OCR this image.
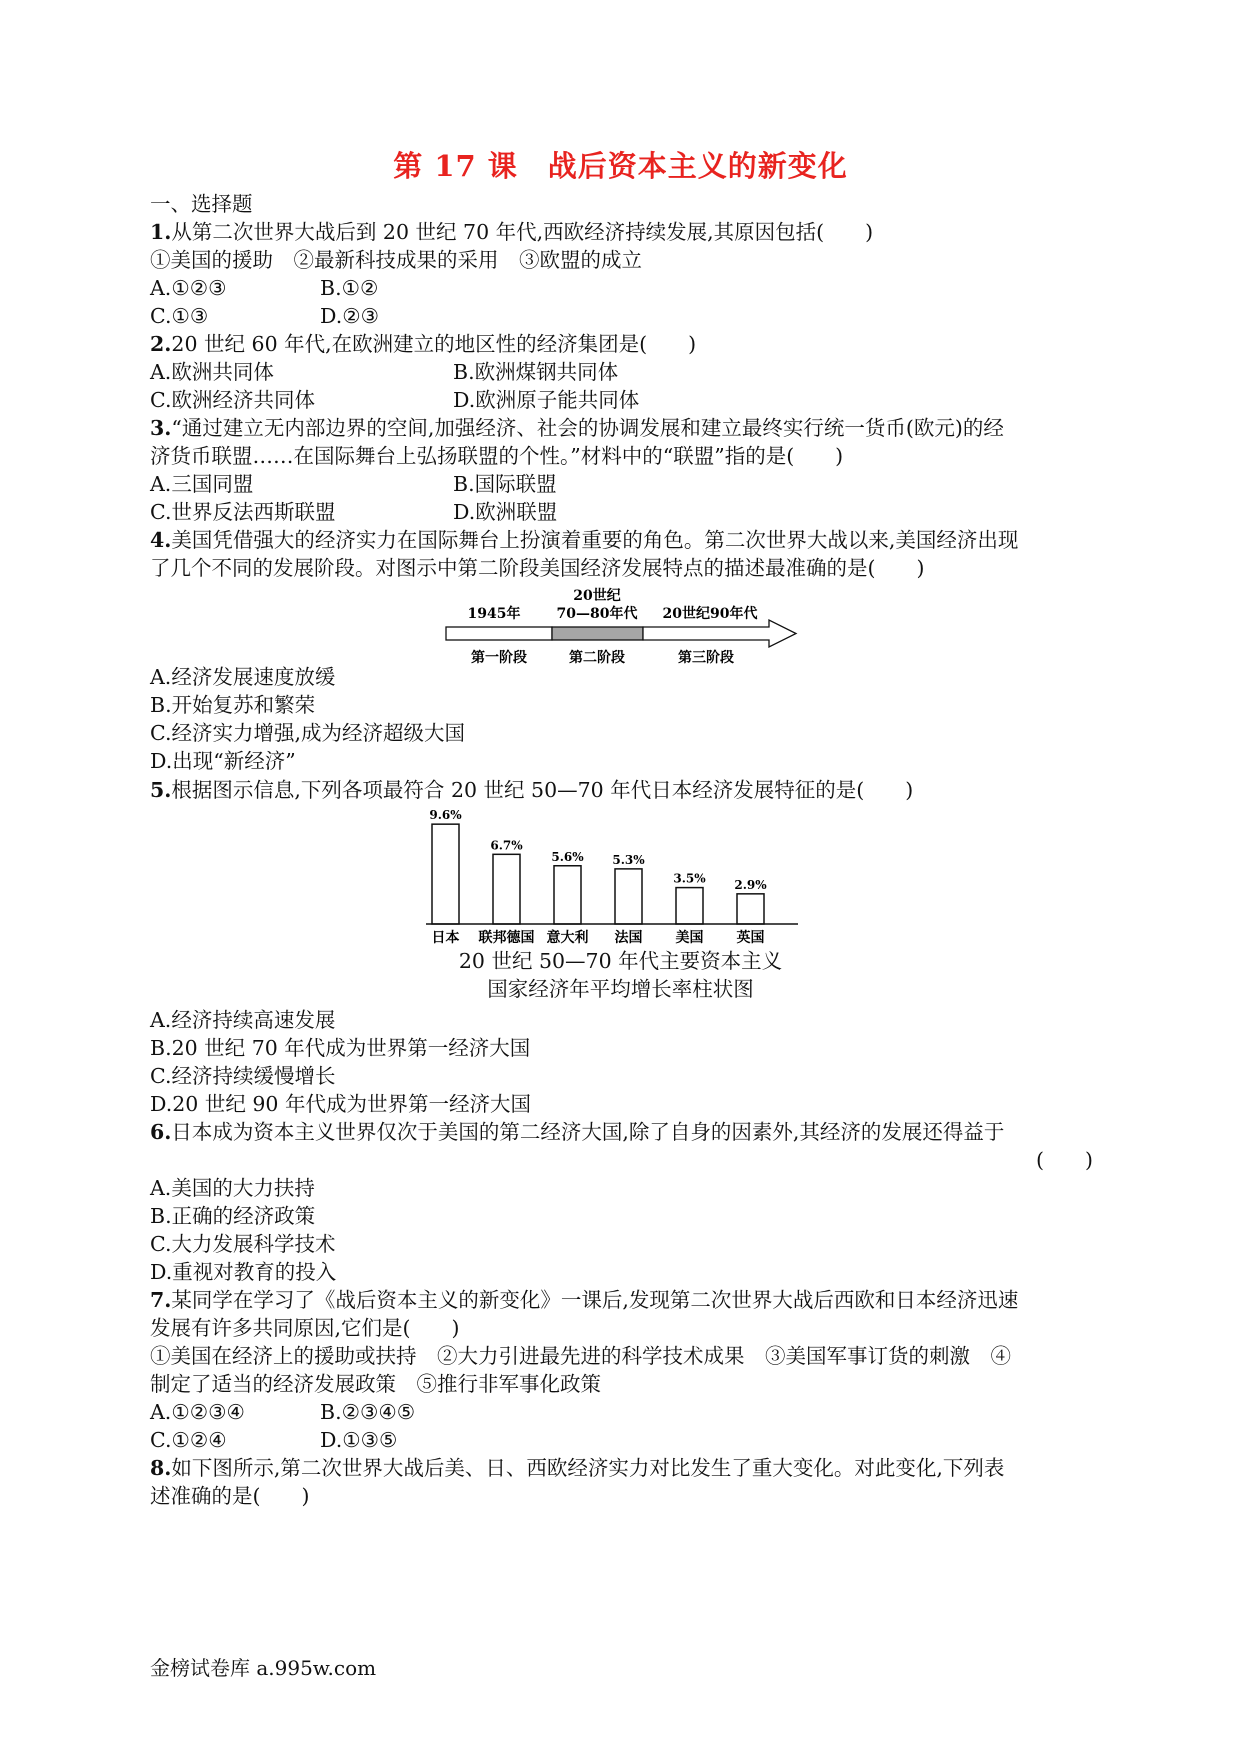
第 17 课　战后资本主义的新变化
一、选择题
1.从第二次世界大战后到 20 世纪 70 年代,西欧经济持续发展,其原因包括(　　)
①美国的援助　②最新科技成果的采用　③欧盟的成立
A.①②③	B.①②
C.①③	D.②③
2.20 世纪 60 年代,在欧洲建立的地区性的经济集团是(　　)
A.欧洲共同体	B.欧洲煤钢共同体
C.欧洲经济共同体	D.欧洲原子能共同体
3.“通过建立无内部边界的空间,加强经济、社会的协调发展和建立最终实行统一货币(欧元)的经
济货币联盟……在国际舞台上弘扬联盟的个性。”材料中的“联盟”指的是(　　)
A.三国同盟	B.国际联盟
C.世界反法西斯联盟	D.欧洲联盟
4.美国凭借强大的经济实力在国际舞台上扮演着重要的角色。第二次世界大战以来,美国经济出现
了几个不同的发展阶段。对图示中第二阶段美国经济发展特点的描述最准确的是(　　)
1945年
20世纪
70—80年代 20世纪90年代
第一阶段	第二阶段	第三阶段
A.经济发展速度放缓
B.开始复苏和繁荣
C.经济实力增强,成为经济超级大国
D.出现“新经济”
5.根据图示信息,下列各项最符合 20 世纪 50—70 年代日本经济发展特征的是(　　)
9.6%
日本
6.7%
联邦德国
5.6%
意大利
5.3%
法国
3.5%
美国
2.9%
英国
20 世纪 50—70 年代主要资本主义
国家经济年平均增长率柱状图
A.经济持续高速发展
B.20 世纪 70 年代成为世界第一经济大国
C.经济持续缓慢增长
D.20 世纪 90 年代成为世界第一经济大国
6.日本成为资本主义世界仅次于美国的第二经济大国,除了自身的因素外,其经济的发展还得益于
(　　)
A.美国的大力扶持
B.正确的经济政策
C.大力发展科学技术
D.重视对教育的投入
7.某同学在学习了《战后资本主义的新变化》一课后,发现第二次世界大战后西欧和日本经济迅速
发展有许多共同原因,它们是(　　)
①美国在经济上的援助或扶持　②大力引进最先进的科学技术成果　③美国军事订货的刺激　④
制定了适当的经济发展政策　⑤推行非军事化政策
A.①②③④	B.②③④⑤
C.①②④	D.①③⑤
8.如下图所示,第二次世界大战后美、日、西欧经济实力对比发生了重大变化。对此变化,下列表
述准确的是(　　)
金榜试卷库 a.995w.com
